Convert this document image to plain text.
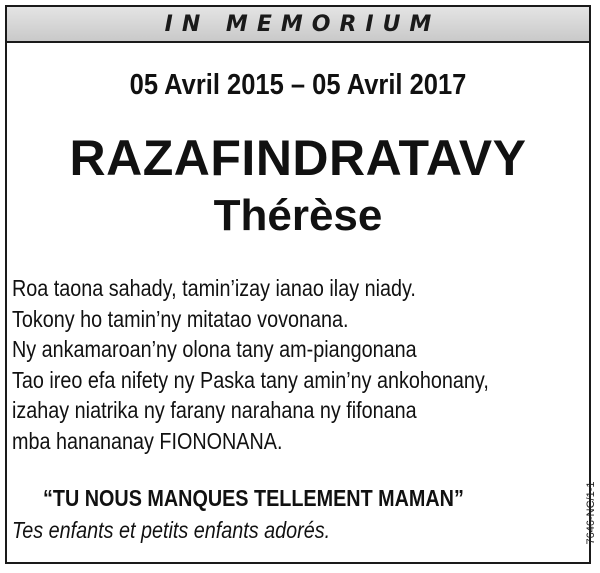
IN MEMORIUM
05 Avril 2015 – 05 Avril 2017
RAZAFINDRATAVY
Thérèse
Roa taona sahady, tamin’izay ianao ilay niady.
Tokony ho tamin’ny mitatao vovonana.
Ny ankamaroan’ny olona tany am-piangonana
Tao ireo efa nifety ny Paska tany amin’ny ankohonany,
izahay niatrika ny farany narahana ny fifonana
mba hanananay FIONONANA.
“TU NOUS MANQUES TELLEMENT MAMAN”
Tes enfants et petits enfants adorés.	7646-NC/1-1
